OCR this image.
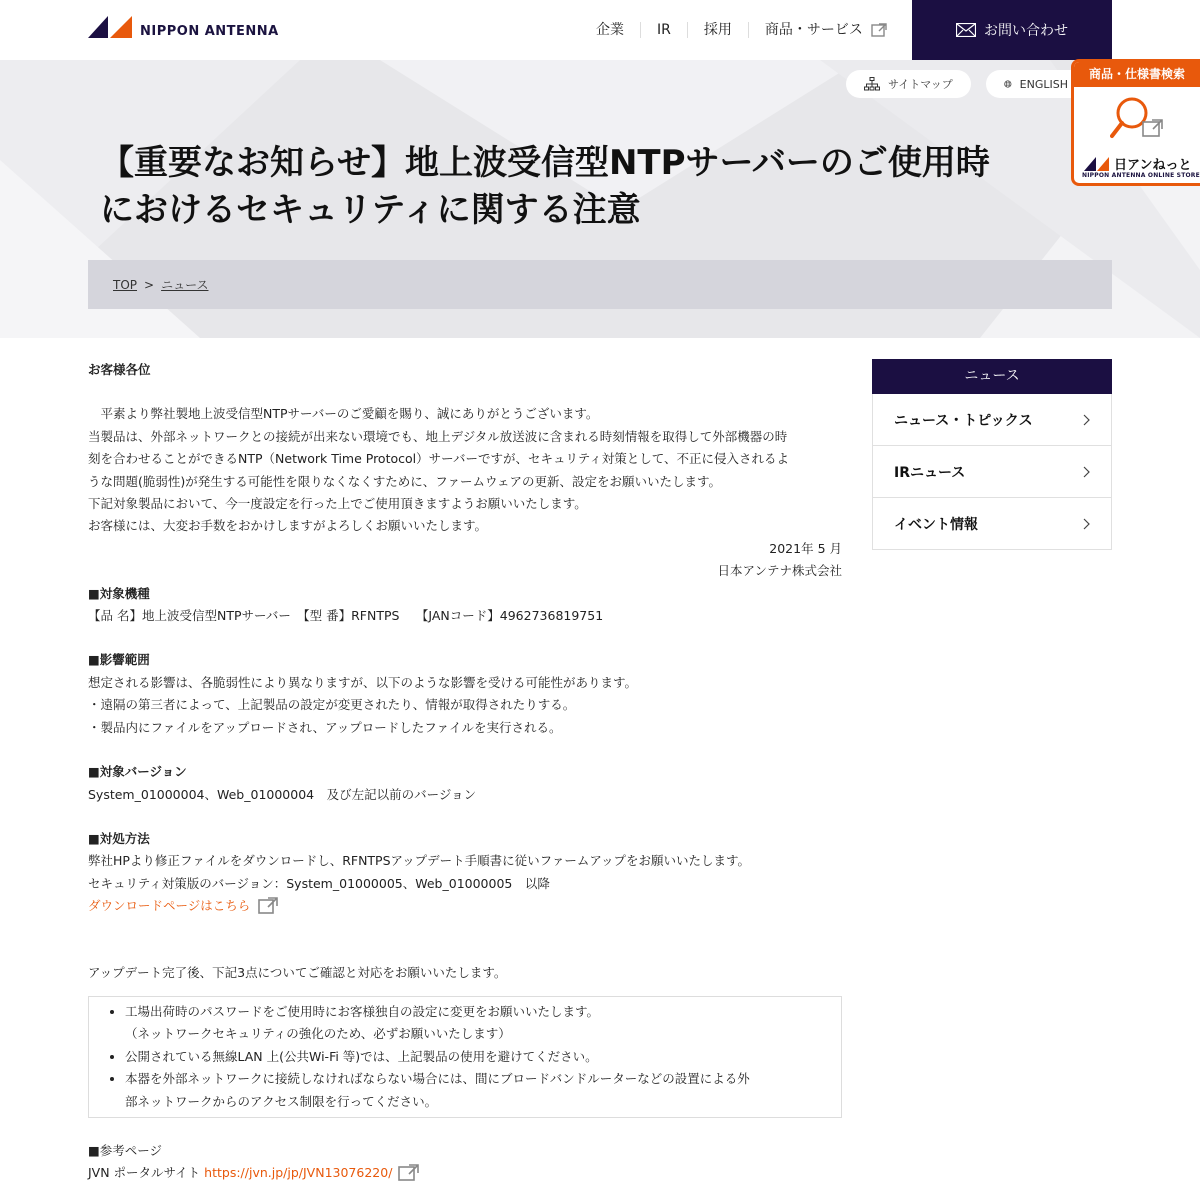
NIPPON ANTENNA	企業 IR 採用 商品・サービス	お問い合わせ
サイトマップ	ENGLISH
【重要なお知らせ】地上波受信型NTPサーバーのご使用時
におけるセキュリティに関する注意
TOP > ニュース
商品・仕様書検索
日アンねっと
NIPPON ANTENNA ONLINE STORE

お客様各位

　平素より弊社製地上波受信型NTPサーバーのご愛顧を賜り、誠にありがとうございます。

当製品は、外部ネットワークとの接続が出来ない環境でも、地上デジタル放送波に含まれる時刻情報を取得して外部機器の時

刻を合わせることができるNTP（Network Time Protocol）サーバーですが、セキュリティ対策として、不正に侵入されるよ

うな問題(脆弱性)が発生する可能性を限りなくなくすために、ファームウェアの更新、設定をお願いいたします。

下記対象製品において、今一度設定を行った上でご使用頂きますようお願いいたします。

お客様には、大変お手数をおかけしますがよろしくお願いいたします。

2021年 5 月

日本アンテナ株式会社

■対象機種

【品 名】地上波受信型NTPサーバー　【型 番】RFNTPS　 【JANコード】4962736819751

■影響範囲

想定される影響は、各脆弱性により異なりますが、以下のような影響を受ける可能性があります。

・遠隔の第三者によって、上記製品の設定が変更されたり、情報が取得されたりする。

・製品内にファイルをアップロードされ、アップロードしたファイルを実行される。

■対象バージョン

System_01000004、Web_01000004　及び左記以前のバージョン

■対処方法

弊社HPより修正ファイルをダウンロードし、RFNTPSアップデート手順書に従いファームアップをお願いいたします。

セキュリティ対策版のバージョン：System_01000005、Web_01000005　以降

ダウンロードページはこちら

アップデート完了後、下記3点についてご確認と対応をお願いいたします。

• 工場出荷時のパスワードをご使用時にお客様独自の設定に変更をお願いいたします。
（ネットワークセキュリティの強化のため、必ずお願いいたします）
• 公開されている無線LAN 上(公共Wi-Fi 等)では、上記製品の使用を避けてください。
• 本器を外部ネットワークに接続しなければならない場合には、間にブロードバンドルーターなどの設置による外
部ネットワークからのアクセス制限を行ってください。

■参考ページ

JVN ポータルサイト https://jvn.jp/jp/JVN13076220/

ニュース
ニュース・トピックス
IRニュース
イベント情報
